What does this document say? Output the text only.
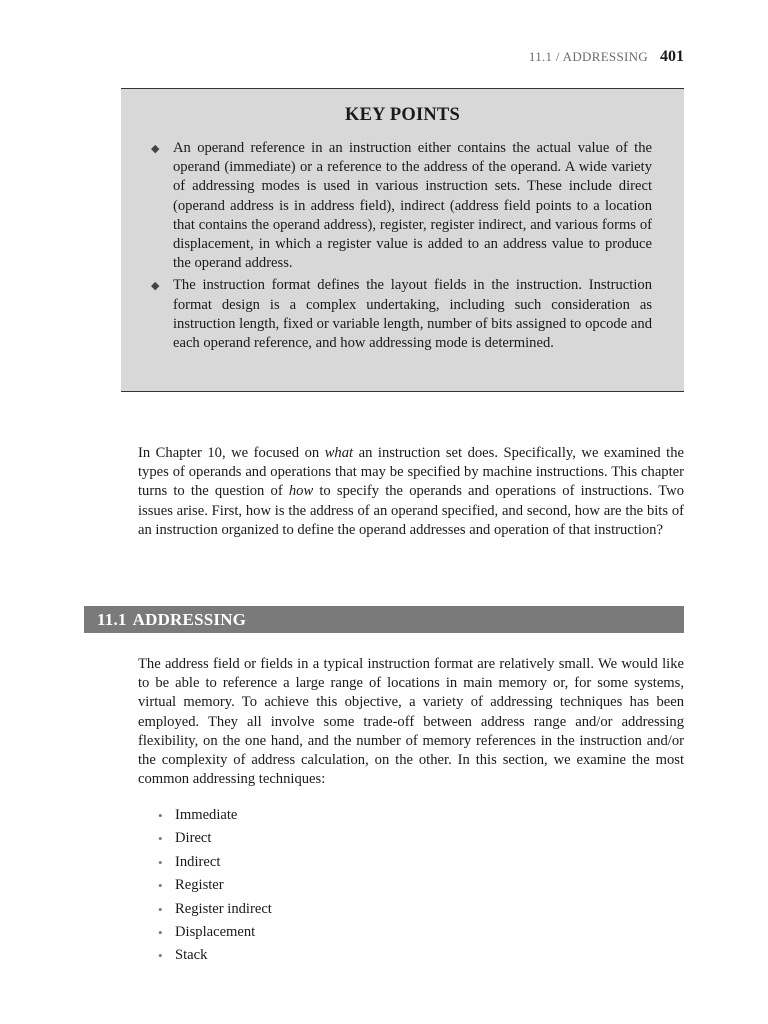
11.1 / ADDRESSING 401
KEY POINTS
◆ An operand reference in an instruction either contains the actual value of the operand (immediate) or a reference to the address of the operand. A wide variety of addressing modes is used in various instruction sets. These include direct (operand address is in address field), indirect (address field points to a location that contains the operand address), register, register indirect, and various forms of displacement, in which a register value is added to an address value to produce the operand address.
◆ The instruction format defines the layout fields in the instruction. Instruction format design is a complex undertaking, including such consideration as instruction length, fixed or variable length, number of bits assigned to opcode and each operand reference, and how addressing mode is determined.

In Chapter 10, we focused on what an instruction set does. Specifically, we examined the types of operands and operations that may be specified by machine instructions. This chapter turns to the question of how to specify the operands and operations of instructions. Two issues arise. First, how is the address of an operand specified, and second, how are the bits of an instruction organized to define the operand addresses and operation of that instruction?

11.1 ADDRESSING

The address field or fields in a typical instruction format are relatively small. We would like to be able to reference a large range of locations in main memory or, for some systems, virtual memory. To achieve this objective, a variety of addressing techniques has been employed. They all involve some trade-off between address range and/or addressing flexibility, on the one hand, and the number of memory references in the instruction and/or the complexity of address calculation, on the other. In this section, we examine the most common addressing techniques:

• Immediate
• Direct
• Indirect
• Register
• Register indirect
• Displacement
• Stack
